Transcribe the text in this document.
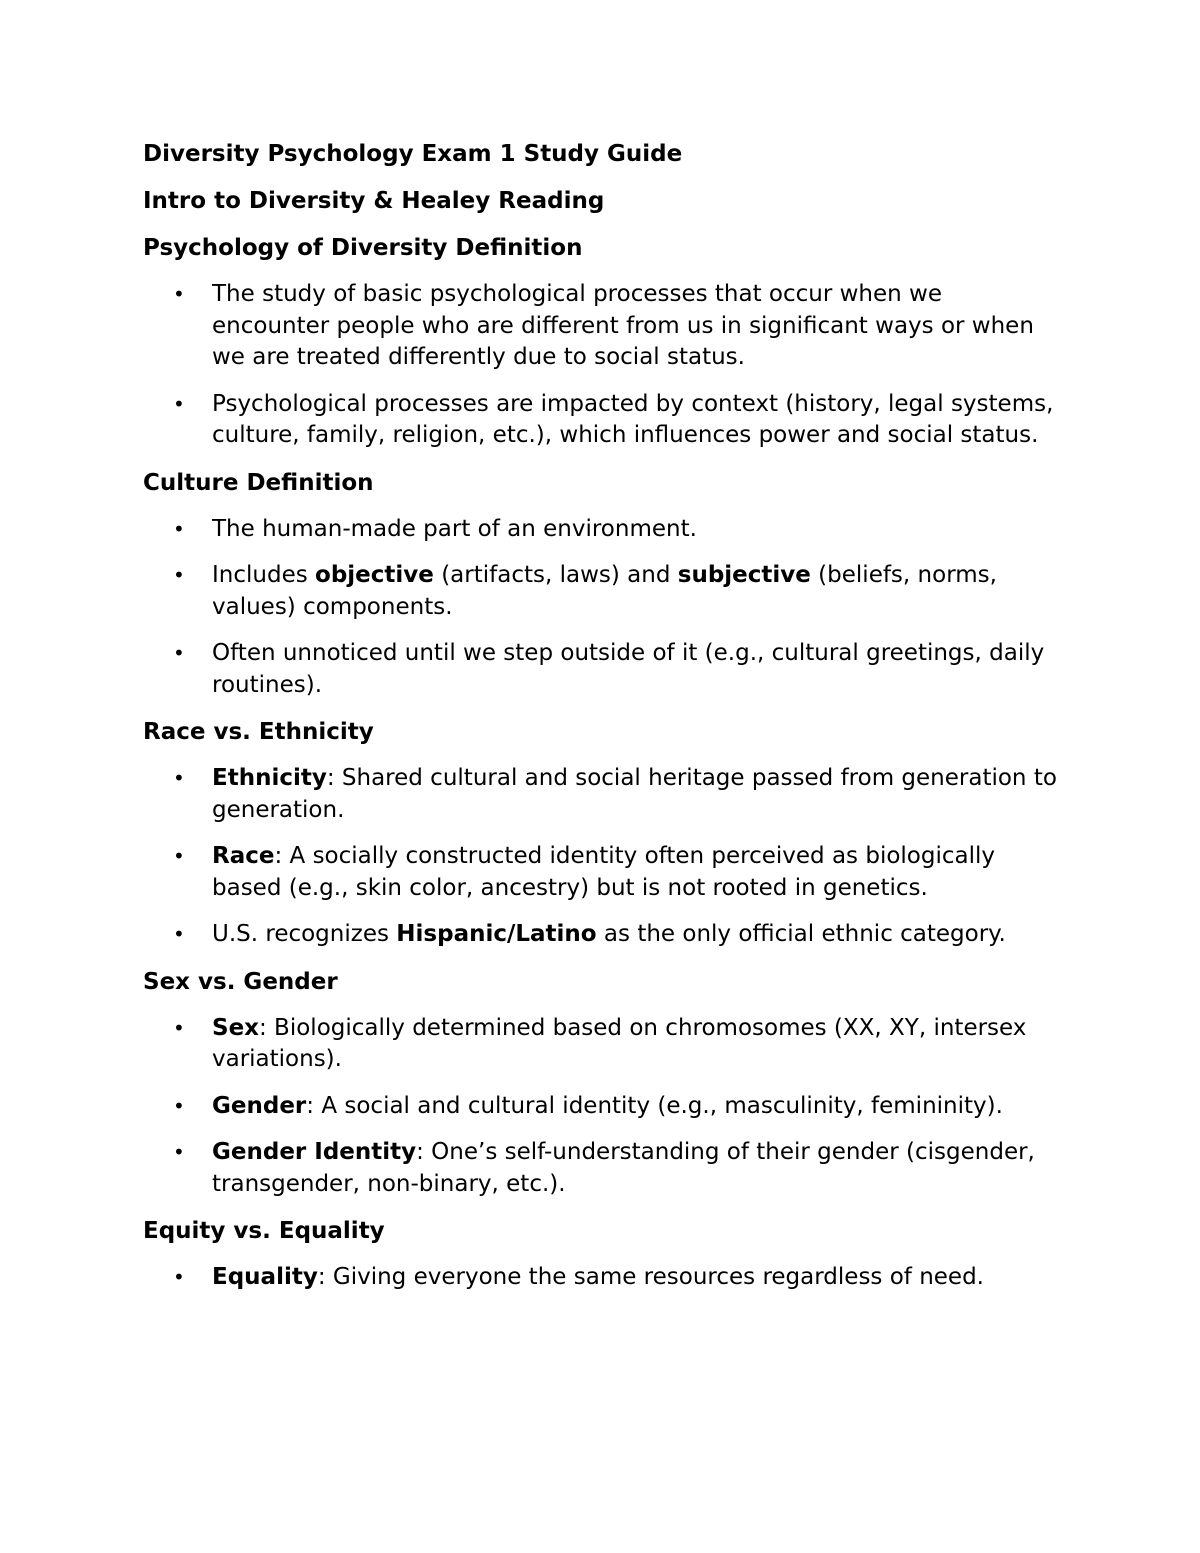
Diversity Psychology Exam 1 Study Guide
Intro to Diversity & Healey Reading
Psychology of Diversity Definition
• The study of basic psychological processes that occur when we encounter people who are different from us in significant ways or when we are treated differently due to social status.
• Psychological processes are impacted by context (history, legal systems, culture, family, religion, etc.), which influences power and social status.
Culture Definition
• The human-made part of an environment.
• Includes objective (artifacts, laws) and subjective (beliefs, norms, values) components.
• Often unnoticed until we step outside of it (e.g., cultural greetings, daily routines).
Race vs. Ethnicity
• Ethnicity: Shared cultural and social heritage passed from generation to generation.
• Race: A socially constructed identity often perceived as biologically based (e.g., skin color, ancestry) but is not rooted in genetics.
• U.S. recognizes Hispanic/Latino as the only official ethnic category.
Sex vs. Gender
• Sex: Biologically determined based on chromosomes (XX, XY, intersex variations).
• Gender: A social and cultural identity (e.g., masculinity, femininity).
• Gender Identity: One’s self-understanding of their gender (cisgender, transgender, non-binary, etc.).
Equity vs. Equality
• Equality: Giving everyone the same resources regardless of need.
